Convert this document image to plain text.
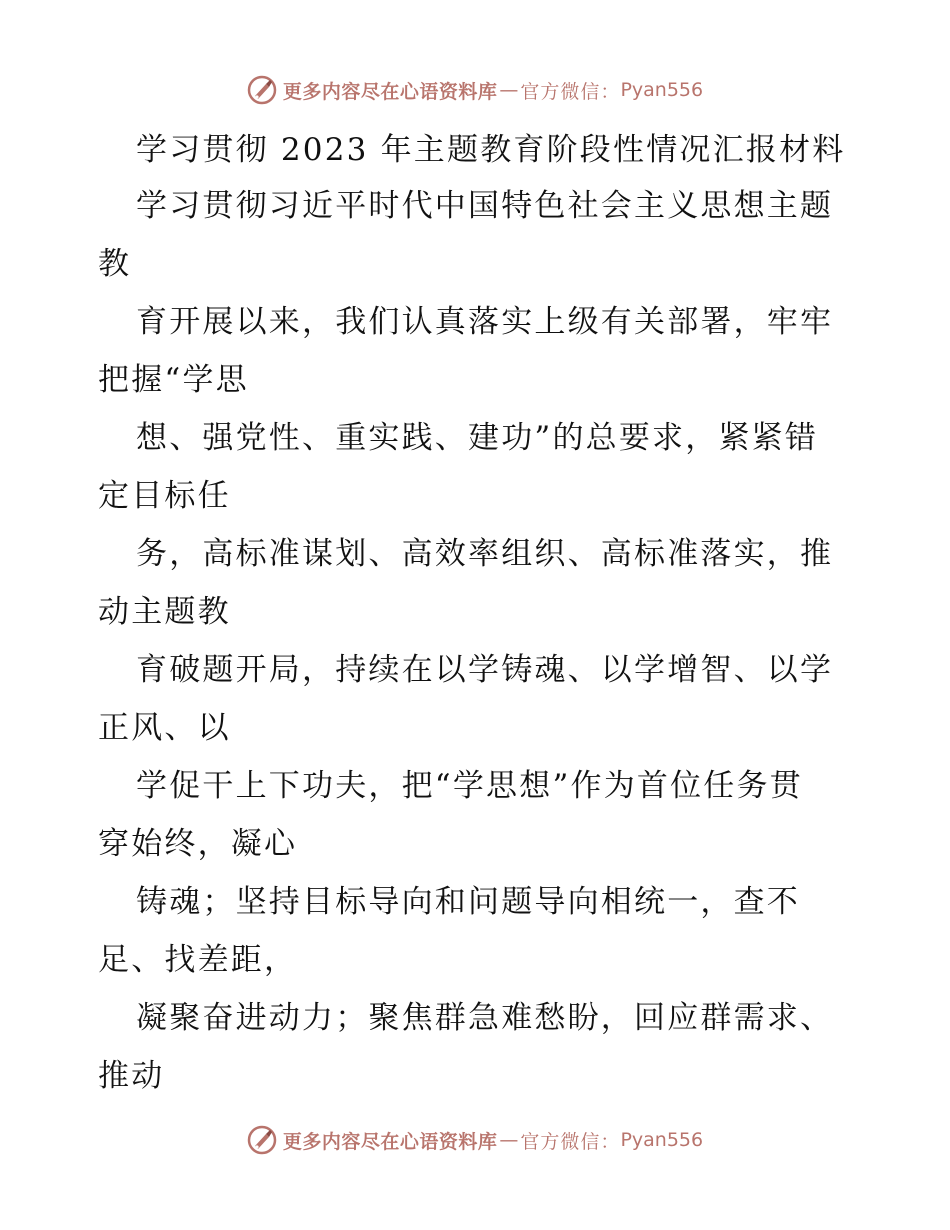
更多内容尽在心语资料库 — 官方微信： Pyan556
学习贯彻 2023 年主题教育阶段性情况汇报材料
学习贯彻习近平时代中国特色社会主义思想主题
教
育开展以来，我们认真落实上级有关部署，牢牢
把握“学思
想、强党性、重实践、建功”的总要求，紧紧错
定目标任
务，高标准谋划、高效率组织、高标准落实，推
动主题教
育破题开局，持续在以学铸魂、以学增智、以学
正风、以
学促干上下功夫，把“学思想”作为首位任务贯
穿始终，凝心
铸魂；坚持目标导向和问题导向相统一，查不
足、找差距，
凝聚奋进动力；聚焦群急难愁盼，回应群需求、
推动
更多内容尽在心语资料库 — 官方微信： Pyan556
